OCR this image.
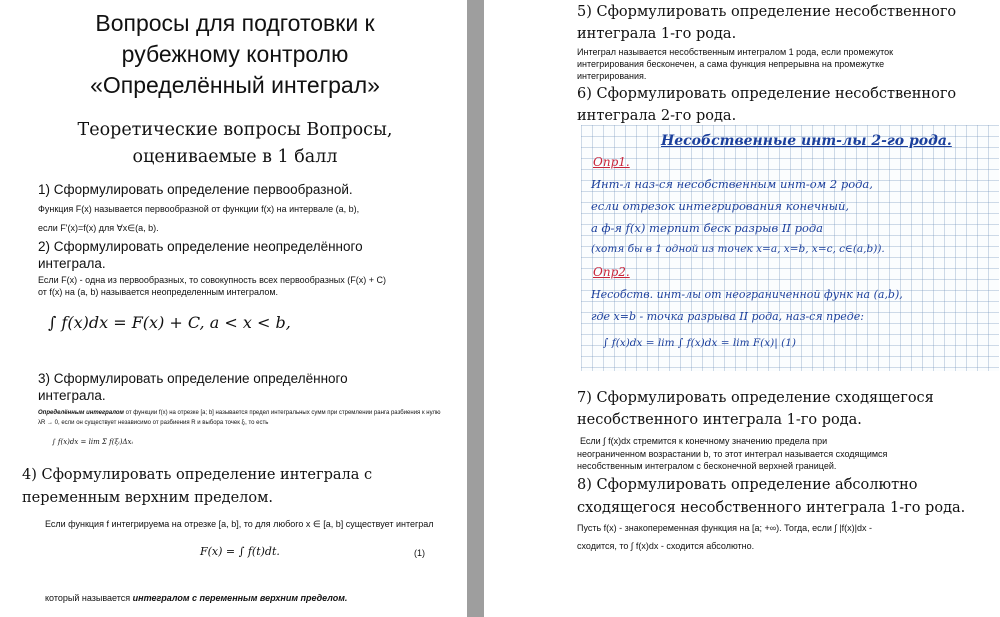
Вопросы для подготовки к
рубежному контролю
«Определённый интеграл»
Теоретические вопросы Вопросы,
оцениваемые в 1 балл
1) Сформулировать определение первообразной.
Функция F(x) называется первообразной от функции f(x) на интервале (a, b),
если F'(x)=f(x) для ∀x∈(a, b).
2) Сформулировать определение неопределённого
интеграла.
Если F(x) - одна из первообразных, то совокупность всех первообразных (F(x) + C)
от f(x) на (a, b) называется неопределенным интегралом.
∫ f(x)dx = F(x) + C, a < x < b,
3) Сформулировать определение определённого
интеграла.
Определённым интегралом от функции f(x) на отрезке [a; b] называется предел интегральных сумм при стремлении ранга разбиения к нулю
λR → 0, если он существует независимо от разбиения R и выбора точек ξᵢ, то есть
∫ f(x)dx = lim Σ f(ξᵢ)Δxᵢ
4) Сформулировать определение интеграла с
переменным верхним пределом.
Если функция f интегрируема на отрезке [a, b], то для любого x ∈ [a, b] существует интеграл
F(x) = ∫ f(t)dt.	(1)
который называется интегралом с переменным верхним пределом.
5) Сформулировать определение несобственного
интеграла 1-го рода.
Интеграл называется несобственным интегралом 1 рода, если промежуток
интегрирования бесконечен, а сама функция непрерывна на промежутке
интегрирования.
6) Сформулировать определение несобственного
интеграла 2-го рода.
Несобственные инт-лы 2-го рода.
Опр1.
Инт-л наз-ся несобственным инт-ом 2 рода,
если отрезок интегрирования конечный,
а ф-я f(x) терпит беск разрыв II рода
(хотя бы в 1 одной из точек x=a, x=b, x=c, c∈(a,b)).
Опр2.
Несобств. инт-лы от неограниченной функ на (a,b),
где x=b - точка разрыва II рода, наз-ся преде:
∫ f(x)dx = lim ∫ f(x)dx = lim F(x)| (1)
7) Сформулировать определение сходящегося
несобственного интеграла 1-го рода.
Если ∫ f(x)dx стремится к конечному значению предела при
неограниченном возрастании b, то этот интеграл называется сходящимся
несобственным интегралом с бесконечной верхней границей.
8) Сформулировать определение абсолютно
сходящегося несобственного интеграла 1-го рода.
Пусть f(x) - знакопеременная функция на [a; +∞). Тогда, если ∫ |f(x)|dx -
сходится, то ∫ f(x)dx - сходится абсолютно.
